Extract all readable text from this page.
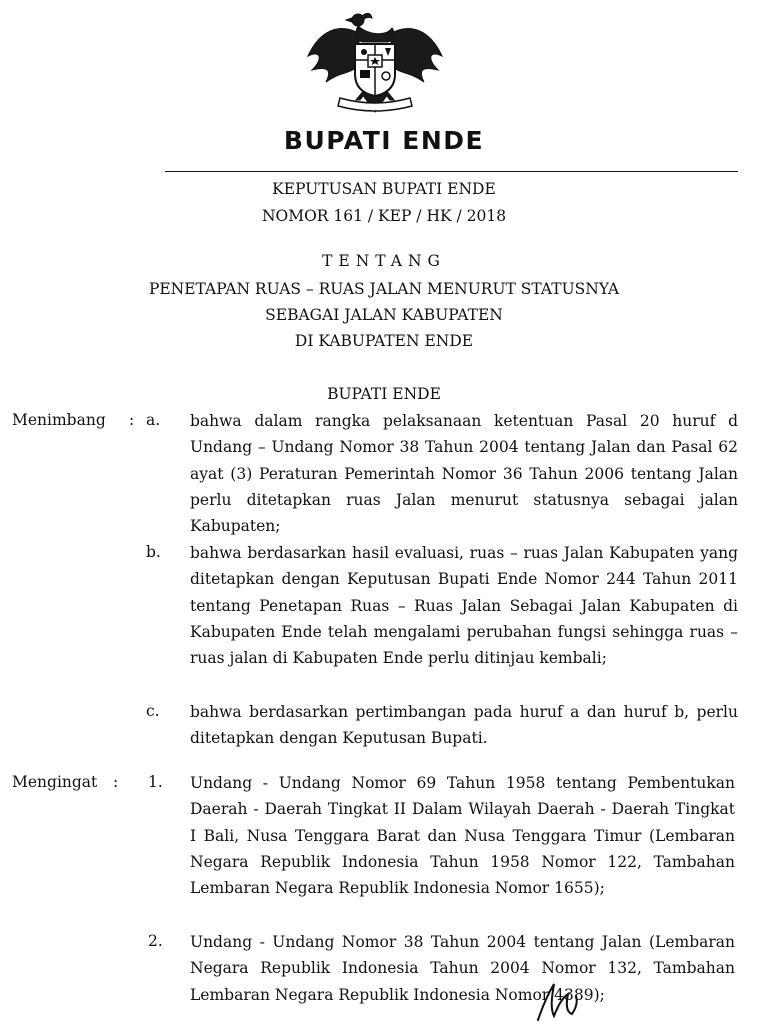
BUPATI ENDE
KEPUTUSAN BUPATI ENDE
NOMOR 161 / KEP / HK / 2018
TENTANG
PENETAPAN RUAS – RUAS JALAN MENURUT STATUSNYA
SEBAGAI JALAN KABUPATEN
DI KABUPATEN ENDE
BUPATI ENDE
Menimbang : a. bahwa dalam rangka pelaksanaan ketentuan Pasal 20 huruf d Undang – Undang Nomor 38 Tahun 2004 tentang Jalan dan Pasal 62 ayat (3) Peraturan Pemerintah Nomor 36 Tahun 2006 tentang Jalan perlu ditetapkan ruas Jalan menurut statusnya sebagai jalan Kabupaten;
b. bahwa berdasarkan hasil evaluasi, ruas – ruas Jalan Kabupaten yang ditetapkan dengan Keputusan Bupati Ende Nomor 244 Tahun 2011 tentang Penetapan Ruas – Ruas Jalan Sebagai Jalan Kabupaten di Kabupaten Ende telah mengalami perubahan fungsi sehingga ruas – ruas jalan di Kabupaten Ende perlu ditinjau kembali;
c. bahwa berdasarkan pertimbangan pada huruf a dan huruf b, perlu ditetapkan dengan Keputusan Bupati.
Mengingat : 1. Undang - Undang Nomor 69 Tahun 1958 tentang Pembentukan Daerah - Daerah Tingkat II Dalam Wilayah Daerah - Daerah Tingkat I Bali, Nusa Tenggara Barat dan Nusa Tenggara Timur (Lembaran Negara Republik Indonesia Tahun 1958 Nomor 122, Tambahan Lembaran Negara Republik Indonesia Nomor 1655);
2. Undang - Undang Nomor 38 Tahun 2004 tentang Jalan (Lembaran Negara Republik Indonesia Tahun 2004 Nomor 132, Tambahan Lembaran Negara Republik Indonesia Nomor 4389);
